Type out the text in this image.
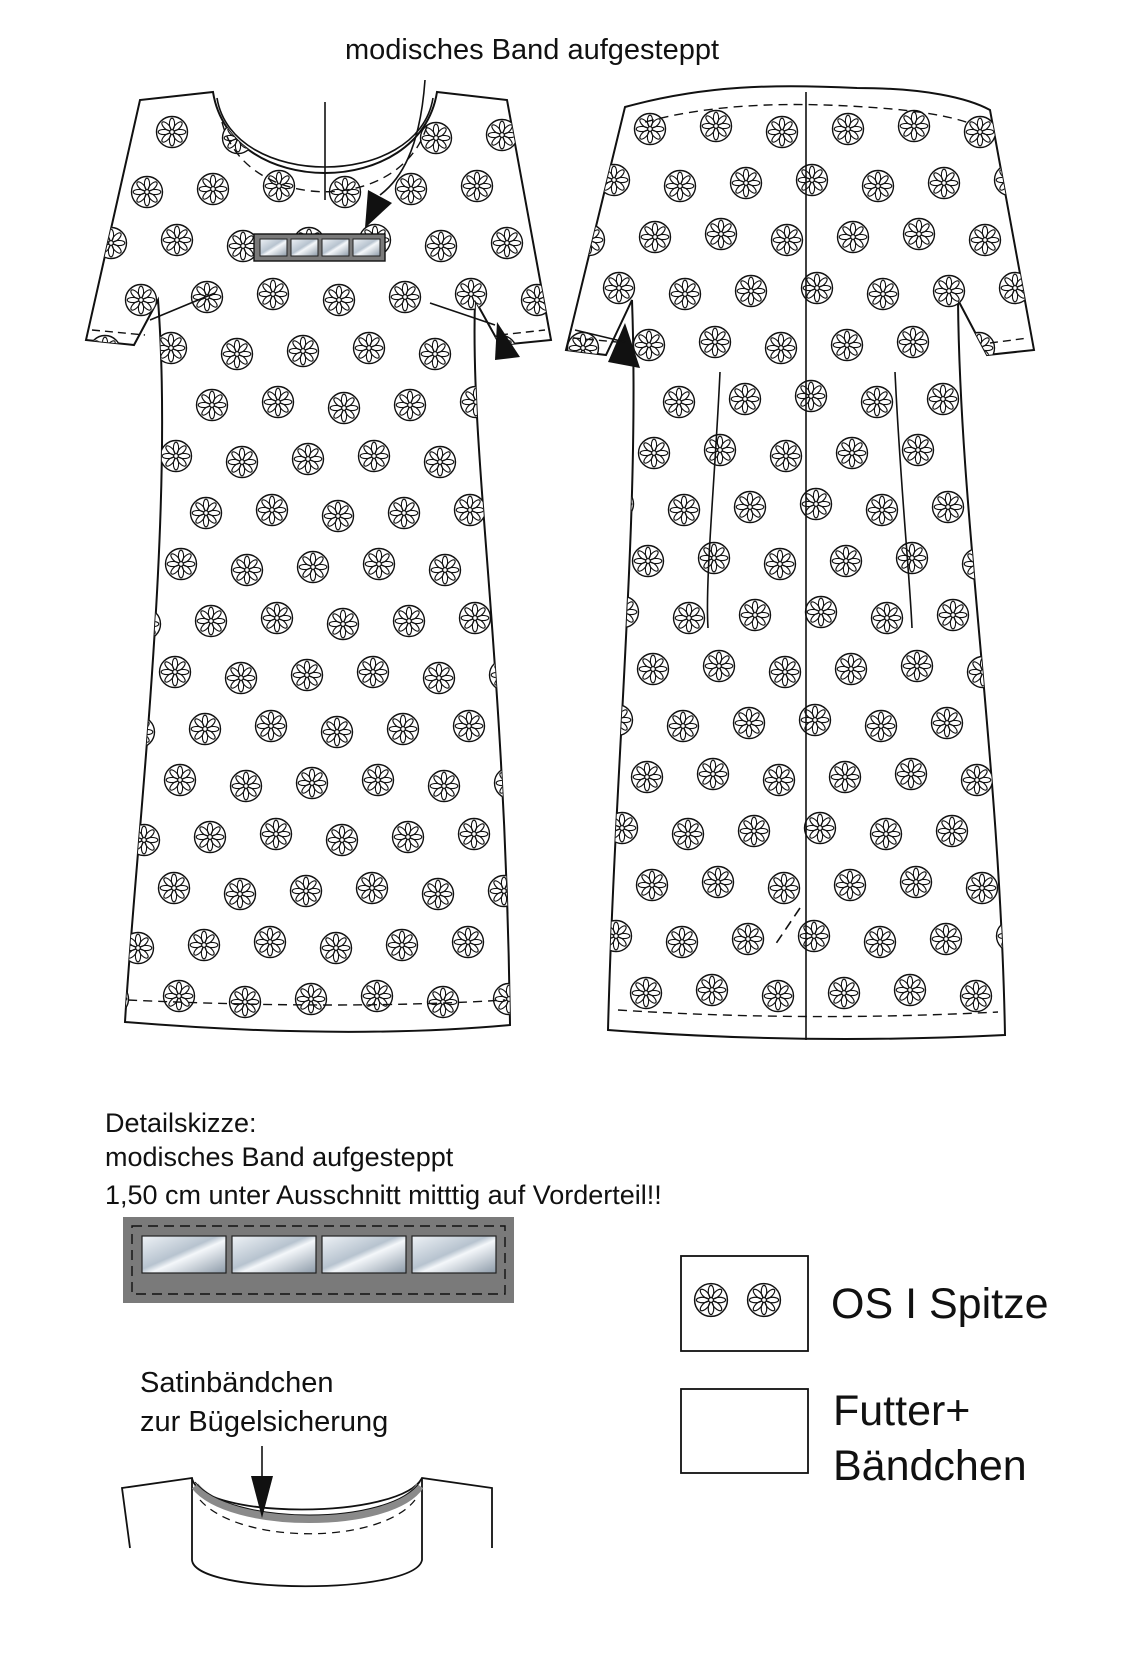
modisches Band aufgesteppt
Detailskizze:
modisches Band aufgesteppt
1,50 cm unter Ausschnitt mitttig auf Vorderteil!!
Satinbändchen
zur Bügelsicherung
OS I Spitze
Futter+
Bändchen
